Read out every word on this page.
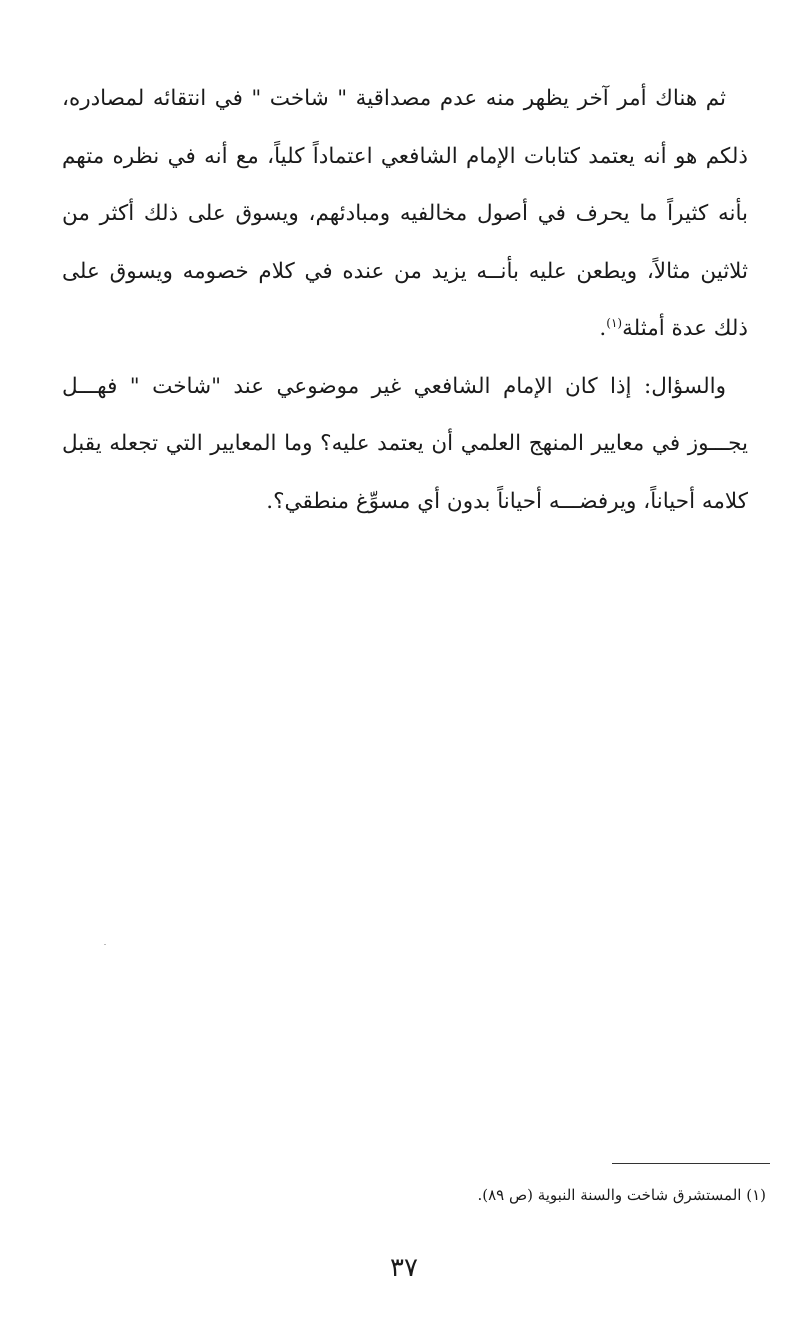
ثم هناك أمر آخر يظهر منه عدم مصداقية " شاخت " في انتقائه لمصادره، ذلكم هو أنه يعتمد كتابات الإمام الشافعي اعتماداً كلياً، مع أنه في نظره متهم بأنه كثيراً ما يحرف في أصول مخالفيه ومبادئهم، ويسوق على ذلك أكثر من ثلاثين مثالاً، ويطعن عليه بأنــه يزيد من عنده في كلام خصومه ويسوق على ذلك عدة أمثلة$^{(١)}$.

والسؤال: إذا كان الإمام الشافعي غير موضوعي عند "شاخت " فهـــل يجـــوز في معايير المنهج العلمي أن يعتمد عليه؟ وما المعايير التي تجعله يقبل كلامه أحياناً، ويرفضـــه أحياناً بدون أي مسوِّغ منطقي؟.

(١) المستشرق شاخت والسنة النبوية (ص ٨٩).
٣٧
